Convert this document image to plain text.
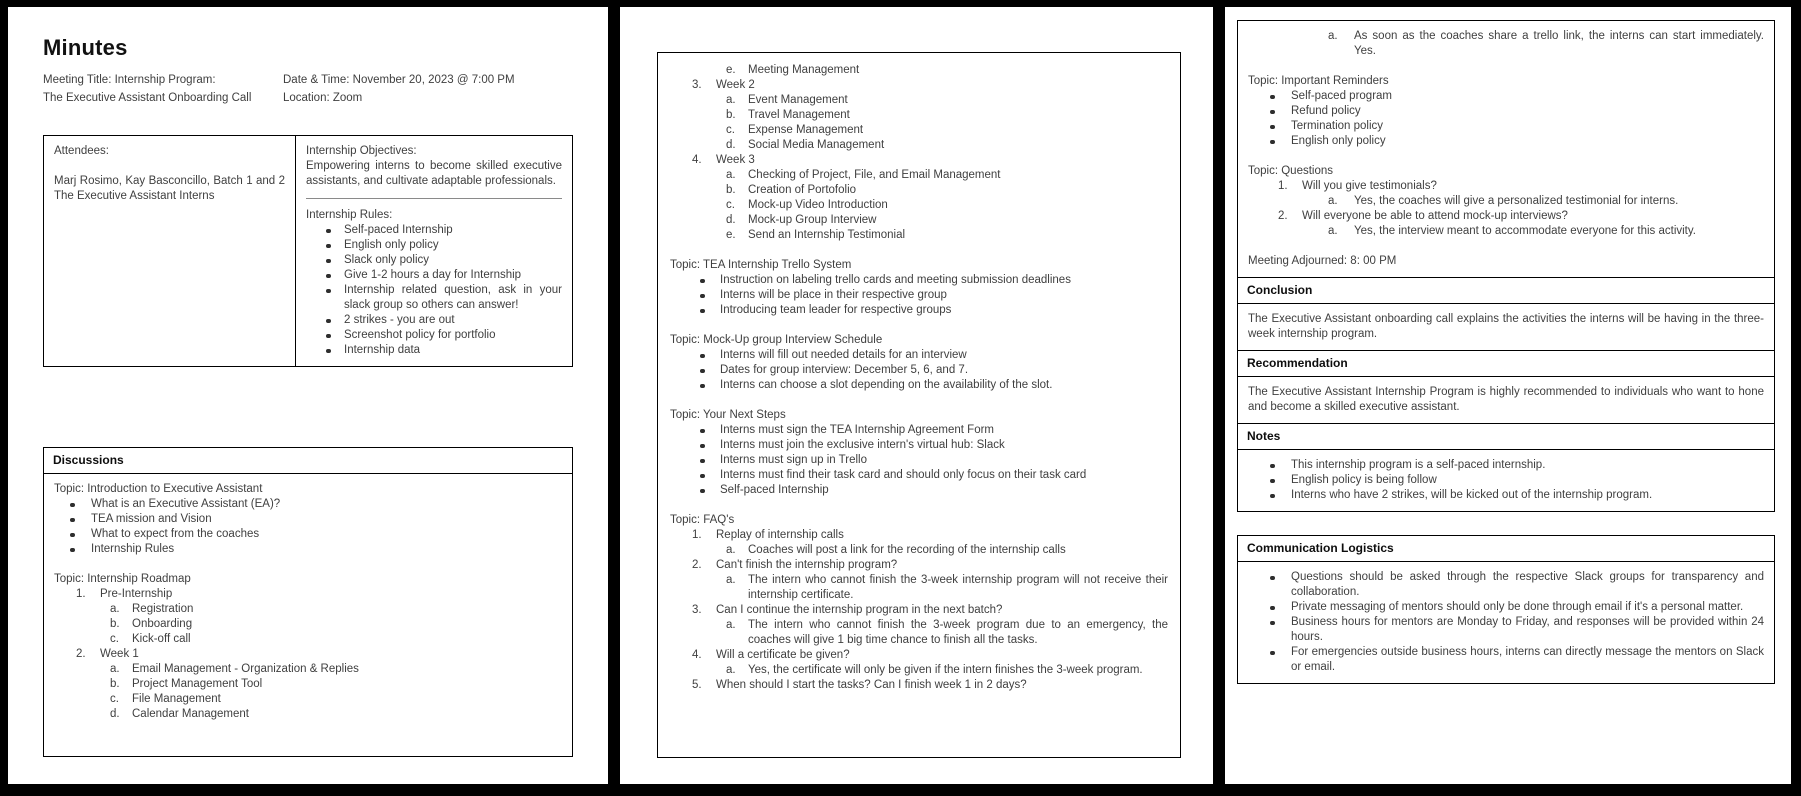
Minutes
Meeting Title: Internship Program:
The Executive Assistant Onboarding Call
Date & Time: November 20, 2023 @ 7:00 PM
Location: Zoom
Attendees:
Marj Rosimo, Kay Basconcillo, Batch 1 and 2
The Executive Assistant Interns
Internship Objectives:
Empowering interns to become skilled executive assistants, and cultivate adaptable professionals.
Internship Rules:
Self-paced Internship
English only policy
Slack only policy
Give 1-2 hours a day for Internship
Internship related question, ask in your slack group so others can answer!
2 strikes - you are out
Screenshot policy for portfolio
Internship data
Discussions
Topic: Introduction to Executive Assistant
What is an Executive Assistant (EA)?
TEA mission and Vision
What to expect from the coaches
Internship Rules
Topic: Internship Roadmap
1.	Pre-Internship
a.	Registration
b.	Onboarding
c.	Kick-off call
2.	Week 1
a.	Email Management - Organization & Replies
b.	Project Management Tool
c.	File Management
d.	Calendar Management
e.	Meeting Management
3.	Week 2
a.	Event Management
b.	Travel Management
c.	Expense Management
d.	Social Media Management
4.	Week 3
a.	Checking of Project, File, and Email Management
b.	Creation of Portofolio
c.	Mock-up Video Introduction
d.	Mock-up Group Interview
e.	Send an Internship Testimonial
Topic: TEA Internship Trello System
Instruction on labeling trello cards and meeting submission deadlines
Interns will be place in their respective group
Introducing team leader for respective groups
Topic: Mock-Up group Interview Schedule
Interns will fill out needed details for an interview
Dates for group interview: December 5, 6, and 7.
Interns can choose a slot depending on the availability of the slot.
Topic: Your Next Steps
Interns must sign the TEA Internship Agreement Form
Interns must join the exclusive intern's virtual hub: Slack
Interns must sign up in Trello
Interns must find their task card and should only focus on their task card
Self-paced Internship
Topic: FAQ's
1.	Replay of internship calls
a.	Coaches will post a link for the recording of the internship calls
2.	Can't finish the internship program?
a.	The intern who cannot finish the 3-week internship program will not receive their internship certificate.
3.	Can I continue the internship program in the next batch?
a.	The intern who cannot finish the 3-week program due to an emergency, the coaches will give 1 big time chance to finish all the tasks.
4.	Will a certificate be given?
a.	Yes, the certificate will only be given if the intern finishes the 3-week program.
5.	When should I start the tasks? Can I finish week 1 in 2 days?
a.	As soon as the coaches share a trello link, the interns can start immediately.
Yes.
Topic: Important Reminders
Self-paced program
Refund policy
Termination policy
English only policy
Topic: Questions
1.	Will you give testimonials?
a.	Yes, the coaches will give a personalized testimonial for interns.
2.	Will everyone be able to attend mock-up interviews?
a.	Yes, the interview meant to accommodate everyone for this activity.
Meeting Adjourned: 8: 00 PM
Conclusion
The Executive Assistant onboarding call explains the activities the interns will be having in the three-week internship program.
Recommendation
The Executive Assistant Internship Program is highly recommended to individuals who want to hone and become a skilled executive assistant.
Notes
This internship program is a self-paced internship.
English policy is being follow
Interns who have 2 strikes, will be kicked out of the internship program.
Communication Logistics
Questions should be asked through the respective Slack groups for transparency and collaboration.
Private messaging of mentors should only be done through email if it's a personal matter.
Business hours for mentors are Monday to Friday, and responses will be provided within 24 hours.
For emergencies outside business hours, interns can directly message the mentors on Slack or email.
